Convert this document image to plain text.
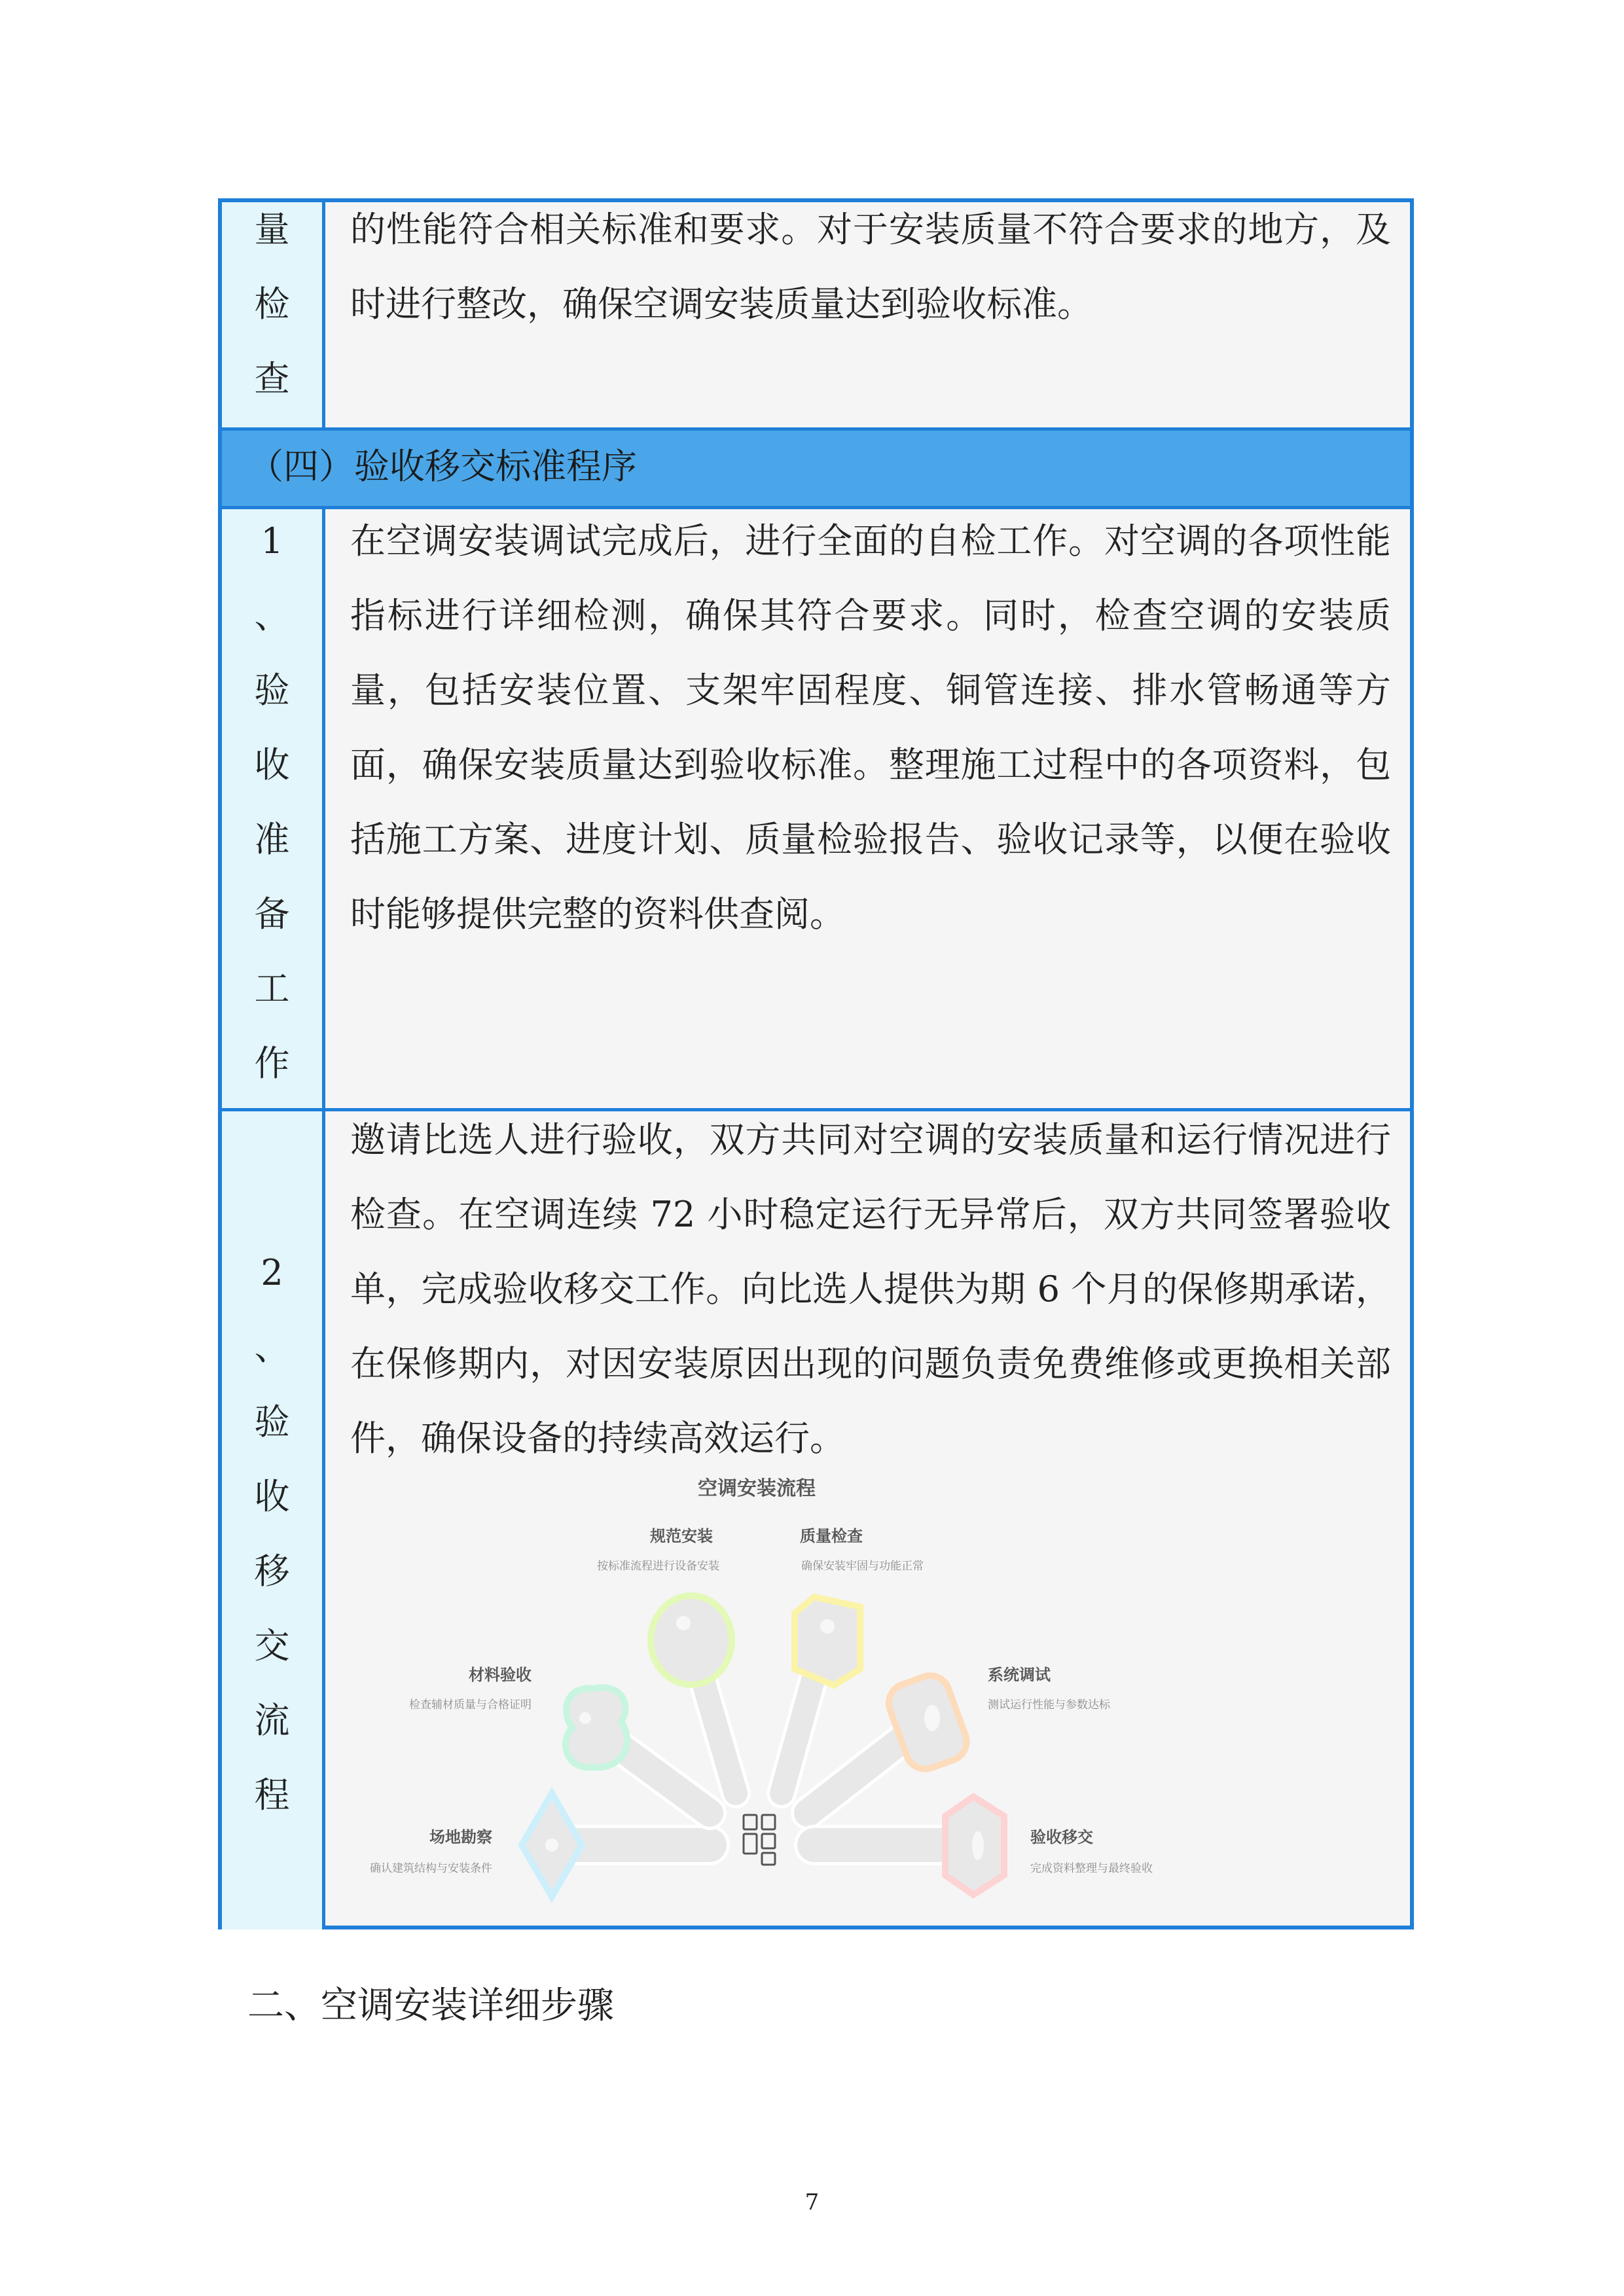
量
检
查
的性能符合相关标准和要求。对于安装质量不符合要求的地方，及时进行整改，确保空调安装质量达到验收标准。
（四）验收移交标准程序
1
、
验
收
准
备
工
作
在空调安装调试完成后，进行全面的自检工作。对空调的各项性能指标进行详细检测，确保其符合要求。同时，检查空调的安装质量，包括安装位置、支架牢固程度、铜管连接、排水管畅通等方面，确保安装质量达到验收标准。整理施工过程中的各项资料，包括施工方案、进度计划、质量检验报告、验收记录等，以便在验收时能够提供完整的资料供查阅。
2
、
验
收
移
交
流
程
邀请比选人进行验收，双方共同对空调的安装质量和运行情况进行检查。在空调连续 72 小时稳定运行无异常后，双方共同签署验收单，完成验收移交工作。向比选人提供为期 6 个月的保修期承诺，在保修期内，对因安装原因出现的问题负责免费维修或更换相关部件，确保设备的持续高效运行。
空调安装流程
场地勘察
材料验收
规范安装	质量检查
系统调试
验收移交
确认建筑结构与安装条件
检查辅材质量与合格证明
按标准流程进行设备安装	确保安装牢固与功能正常
测试运行性能与参数达标
完成资料整理与最终验收
二、空调安装详细步骤
7
